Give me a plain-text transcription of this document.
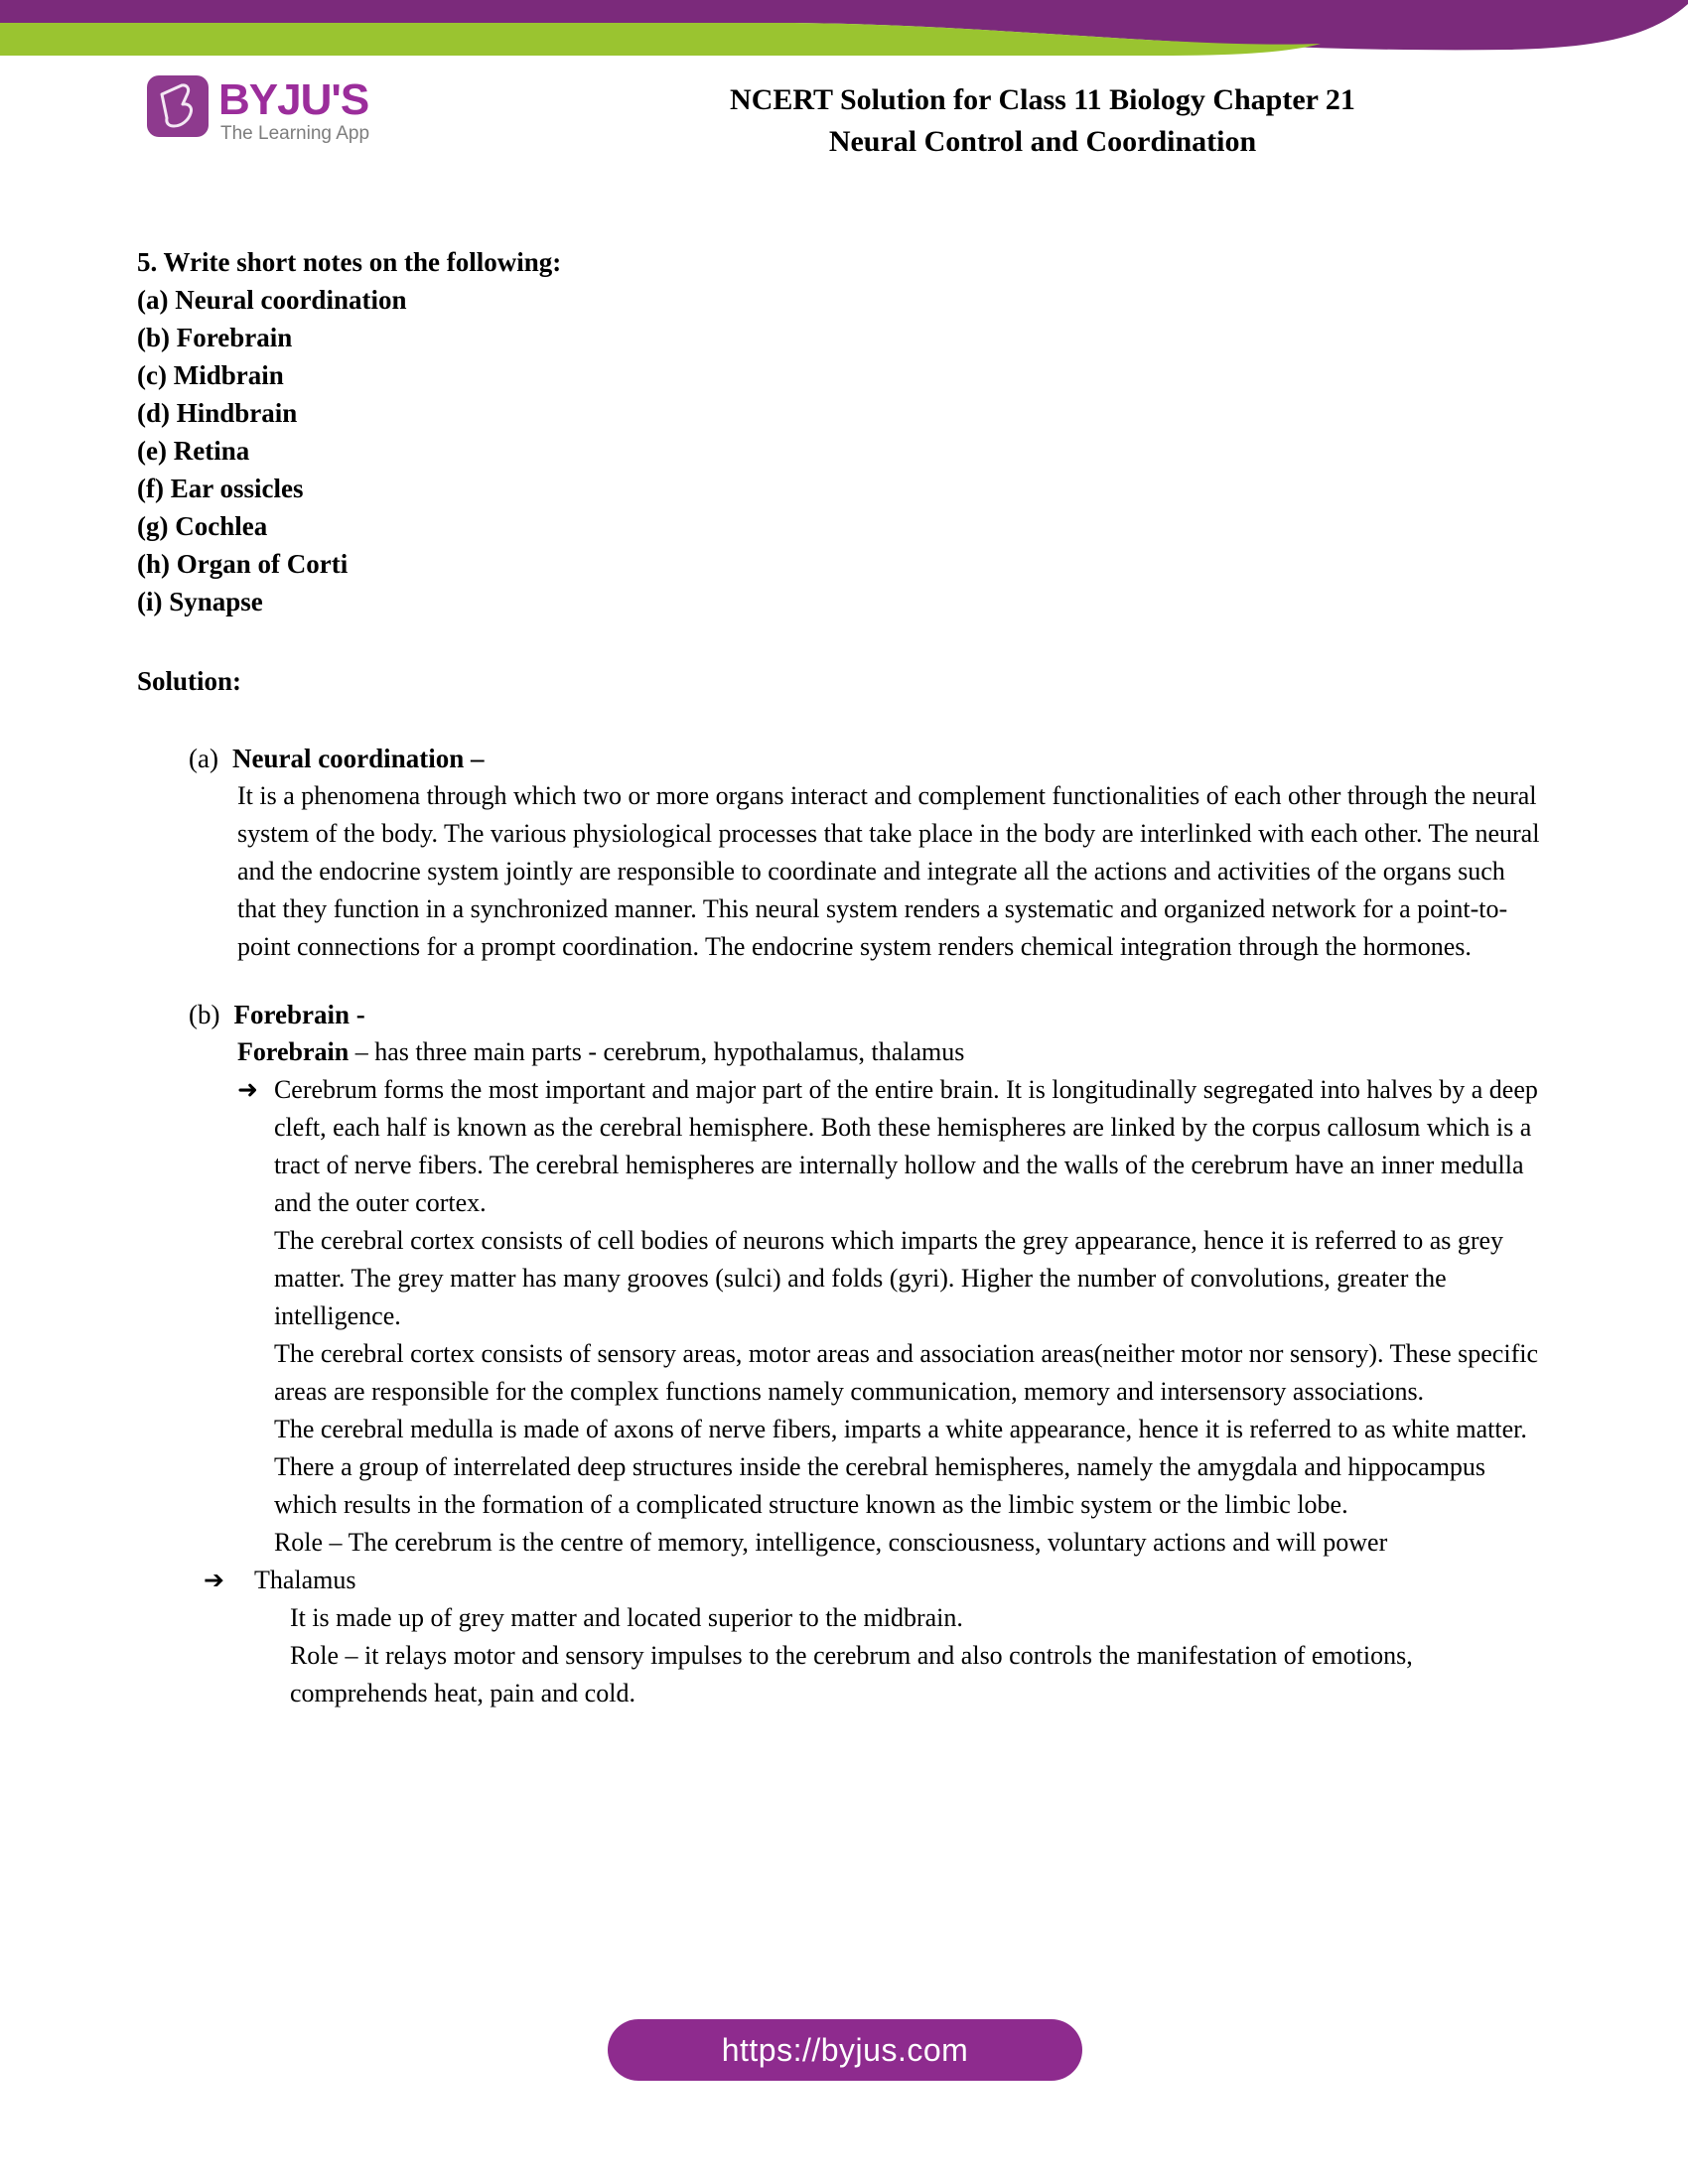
BYJU'S
The Learning App
NCERT Solution for Class 11 Biology Chapter 21
Neural Control and Coordination
5. Write short notes on the following:
(a) Neural coordination
(b) Forebrain
(c) Midbrain
(d) Hindbrain
(e) Retina
(f) Ear ossicles
(g) Cochlea
(h) Organ of Corti
(i) Synapse
Solution:
(a) Neural coordination –

It is a phenomena through which two or more organs interact and complement functionalities of each other through the neural system of the body. The various physiological processes that take place in the body are interlinked with each other. The neural and the endocrine system jointly are responsible to coordinate and integrate all the actions and activities of the organs such that they function in a synchronized manner. This neural system renders a systematic and organized network for a point-to-point connections for a prompt coordination. The endocrine system renders chemical integration through the hormones.

(b) Forebrain -
Forebrain – has three main parts - cerebrum, hypothalamus, thalamus
➜ Cerebrum forms the most important and major part of the entire brain. It is longitudinally segregated into halves by a deep cleft, each half is known as the cerebral hemisphere. Both these hemispheres are linked by the corpus callosum which is a tract of nerve fibers. The cerebral hemispheres are internally hollow and the walls of the cerebrum have an inner medulla and the outer cortex.

The cerebral cortex consists of cell bodies of neurons which imparts the grey appearance, hence it is referred to as grey matter. The grey matter has many grooves (sulci) and folds (gyri). Higher the number of convolutions, greater the intelligence.

The cerebral cortex consists of sensory areas, motor areas and association areas(neither motor nor sensory). These specific areas are responsible for the complex functions namely communication, memory and intersensory associations.

The cerebral medulla is made of axons of nerve fibers, imparts a white appearance, hence it is referred to as white matter. There a group of interrelated deep structures inside the cerebral hemispheres, namely the amygdala and hippocampus which results in the formation of a complicated structure known as the limbic system or the limbic lobe.

Role – The cerebrum is the centre of memory, intelligence, consciousness, voluntary actions and will power

➔ Thalamus

It is made up of grey matter and located superior to the midbrain.

Role – it relays motor and sensory impulses to the cerebrum and also controls the manifestation of emotions, comprehends heat, pain and cold.

https://byjus.com
